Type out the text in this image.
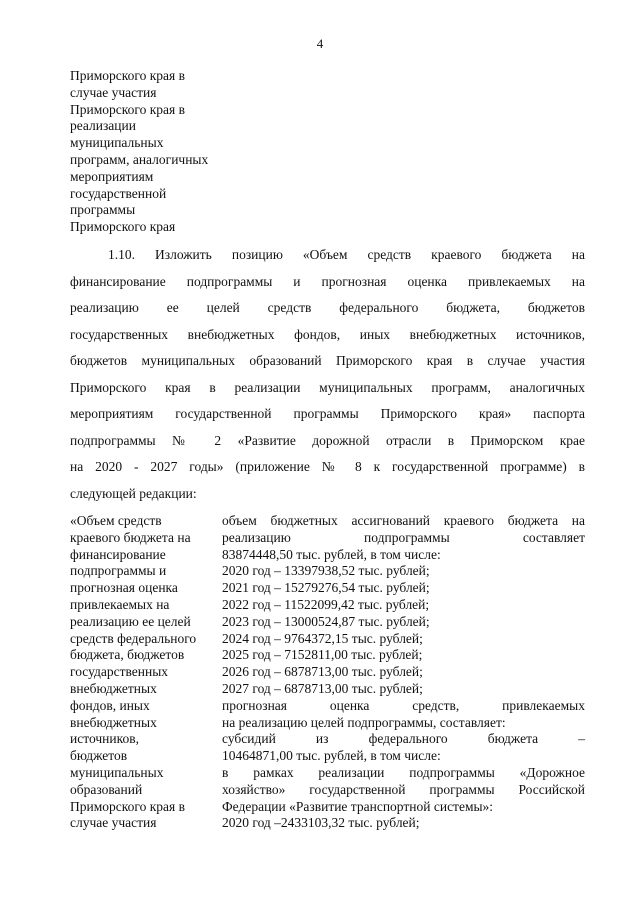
4
Приморского края в
случае участия
Приморского края в
реализации
муниципальных
программ, аналогичных
мероприятиям
государственной
программы
Приморского края
1.10. Изложить позицию «Объем средств краевого бюджета на
финансирование подпрограммы и прогнозная оценка привлекаемых на
реализацию ее целей средств федерального бюджета, бюджетов
государственных внебюджетных фондов, иных внебюджетных источников,
бюджетов муниципальных образований Приморского края в случае участия
Приморского края в реализации муниципальных программ, аналогичных
мероприятиям государственной программы Приморского края» паспорта
подпрограммы № 2 «Развитие дорожной отрасли в Приморском крае
на 2020 - 2027 годы» (приложение № 8 к государственной программе) в
следующей редакции:
«Объем средств
краевого бюджета на
финансирование
подпрограммы и
прогнозная оценка
привлекаемых на
реализацию ее целей
средств федерального
бюджета, бюджетов
государственных
внебюджетных
фондов, иных
внебюджетных
источников,
бюджетов
муниципальных
образований
Приморского края в
случае участия
объем бюджетных ассигнований краевого бюджета на
реализацию подпрограммы составляет
83874448,50 тыс. рублей, в том числе:
2020 год – 13397938,52 тыс. рублей;
2021 год – 15279276,54 тыс. рублей;
2022 год – 11522099,42 тыс. рублей;
2023 год – 13000524,87 тыс. рублей;
2024 год – 9764372,15 тыс. рублей;
2025 год – 7152811,00 тыс. рублей;
2026 год – 6878713,00 тыс. рублей;
2027 год – 6878713,00 тыс. рублей;
прогнозная оценка средств, привлекаемых
на реализацию целей подпрограммы, составляет:
субсидий из федерального бюджета –
10464871,00 тыс. рублей, в том числе:
в рамках реализации подпрограммы «Дорожное
хозяйство» государственной программы Российской
Федерации «Развитие транспортной системы»:
2020 год –2433103,32 тыс. рублей;
